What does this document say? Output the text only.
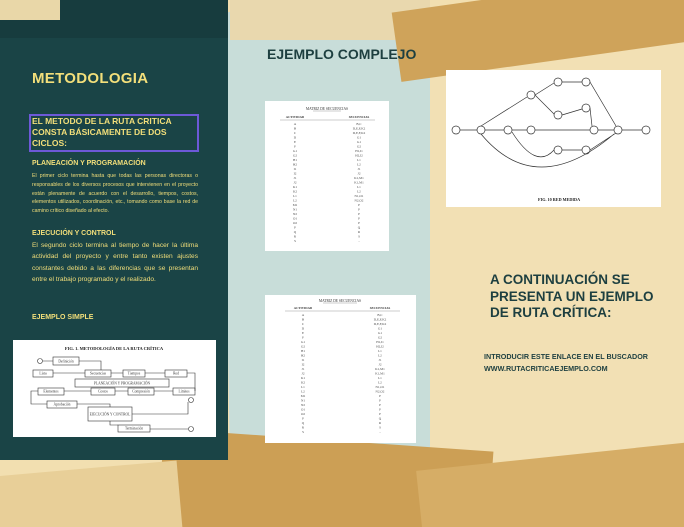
METODOLOGIA
EL METODO DE LA RUTA CRITICA CONSTA BÁSICAMENTE DE DOS CICLOS:
PLANEACIÓN Y PROGRAMACIÓN
El primer ciclo termina hasta que todas las personas directoras o responsables de los diversos procesos que intervienen en el proyecto están plenamente de acuerdo con el desarrollo, tiempos, costos, elementos utilizados, coordinación, etc., tomando como base la red de camino crítico diseñado al efecto.
EJECUCIÓN Y CONTROL
El segundo ciclo termina al tiempo de hacer la última actividad del proyecto y entre tanto existen ajustes constantes debido a las diferencias que se presentan entre el trabajo programado y el realizado.
EJEMPLO SIMPLE
FIG. 1. METODOLOGÍA DE LA RUTA CRÍTICA
Definición
Lista	Secuencias	Tiempos	Red
PLANEACIÓN Y PROGRAMACIÓN
Elementos	Costos	Compresión	Limites
Aprobación
EJECUCIÓN Y CONTROL
Terminación
EJEMPLO COMPLEJO
MATRIZ DE SECUENCIAS
ACTIVIDAD	SECUENCIAS
A	B,C
B	D,E,F,K2
C	D,E,F,K2
D	G1
E	G1
F	G2
G1	H1,I1
G2	H2,I2
H1	L1
H2	L2
I1	J1
I2	J2
J1	K1,M1
J2	K1,M1
K1	L1
K2	L2
L1	N1,O1
L2	N2,O2
M1	P
N1	P
N2	P
O1	P
O2	P
P	Q
Q	R
R	S
S	-
MATRIZ DE SECUENCIAS
ACTIVIDAD	SECUENCIAS
A	B,C
B	D,E,F,K2
C	D,E,F,K2
D	G1
E	G1
F	G2
G1	H1,I1
G2	H2,I2
H1	L1
H2	L2
I1	J1
I2	J2
J1	K1,M1
J2	K1,M1
K1	L1
K2	L2
L1	N1,O1
L2	N2,O2
M1	P
N1	P
N2	P
O1	P
O2	P
P	Q
Q	R
R	S
S	-
FIG. 10 RED MEDIDA
A CONTINUACIÓN SE PRESENTA UN EJEMPLO DE RUTA CRÍTICA:
INTRODUCIR ESTE ENLACE EN EL BUSCADOR
WWW.RUTACRITICAEJEMPLO.COM
